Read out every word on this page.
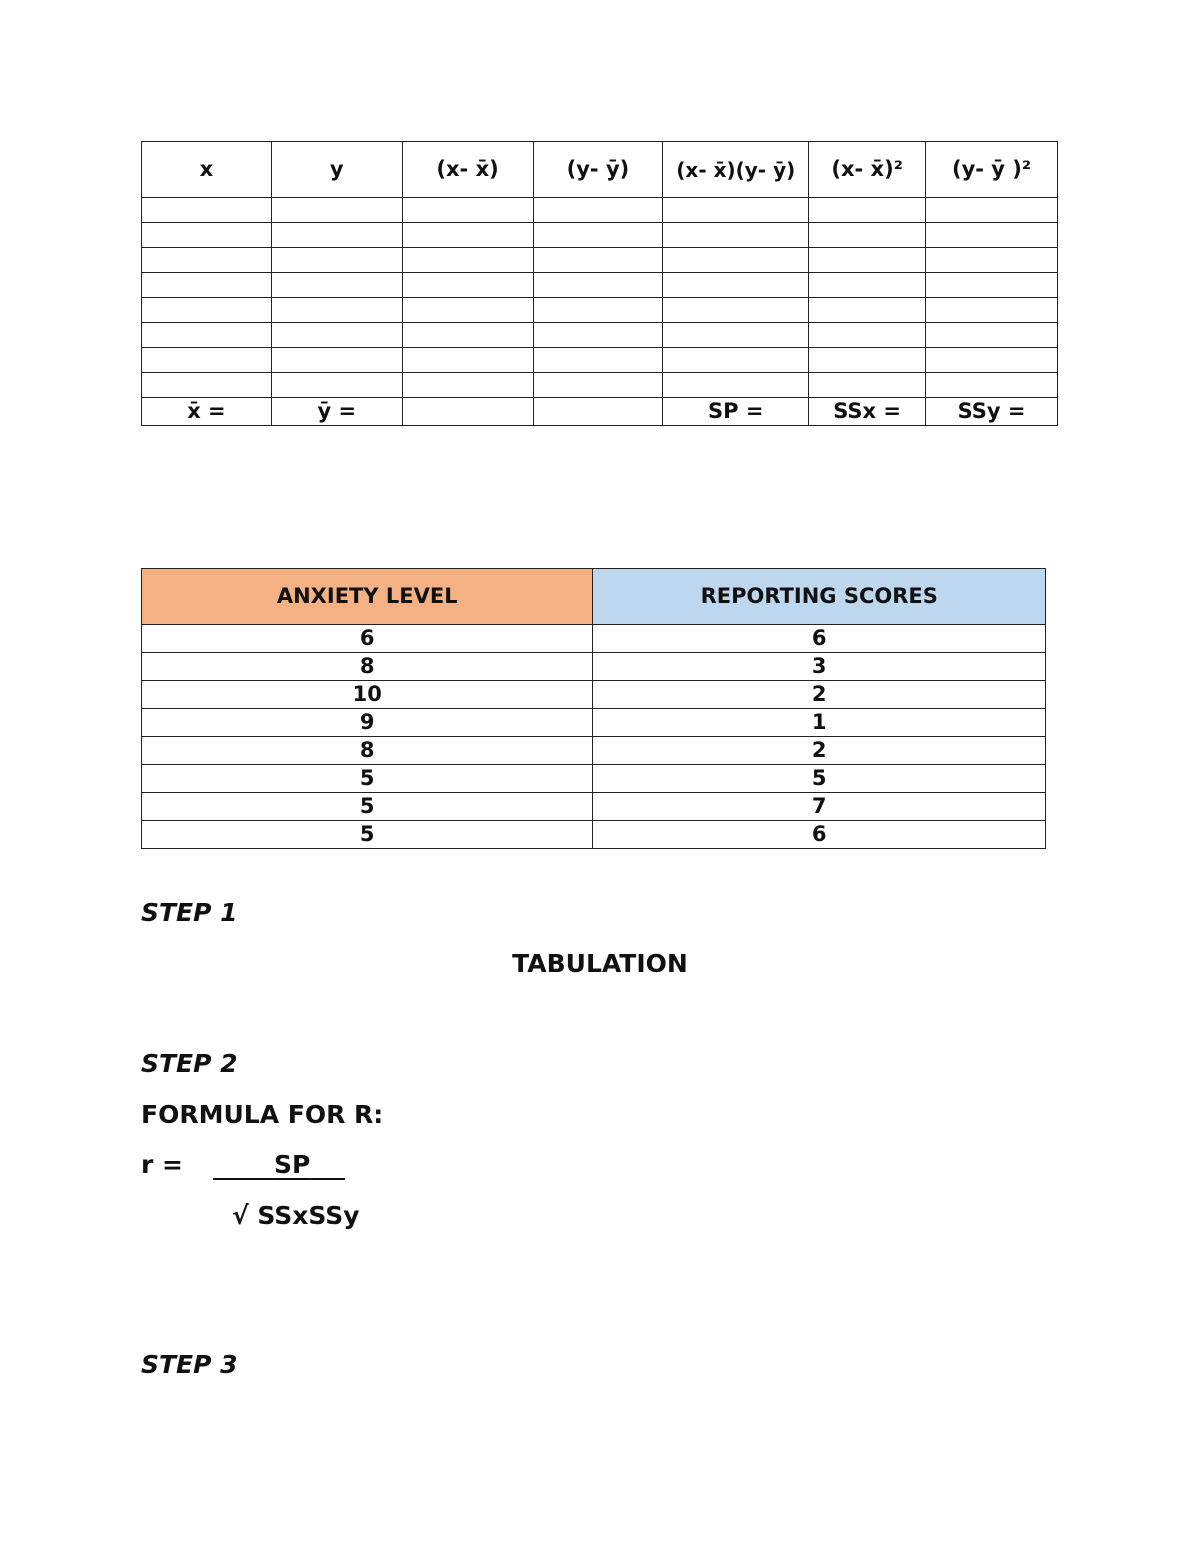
x	y	(x- x̄)	(y- ȳ)	(x- x̄)(y- ȳ)	(x- x̄)²	(y- ȳ )²

x̄ =	ȳ =			SP =	SSx =	SSy =
ANXIETY LEVEL	REPORTING SCORES
6	6
8	3
10	2
9	1
8	2
5	5
5	7
5	6
STEP 1
TABULATION
STEP 2
FORMULA FOR R:
r =	SP
√ SSxSSy
STEP 3
